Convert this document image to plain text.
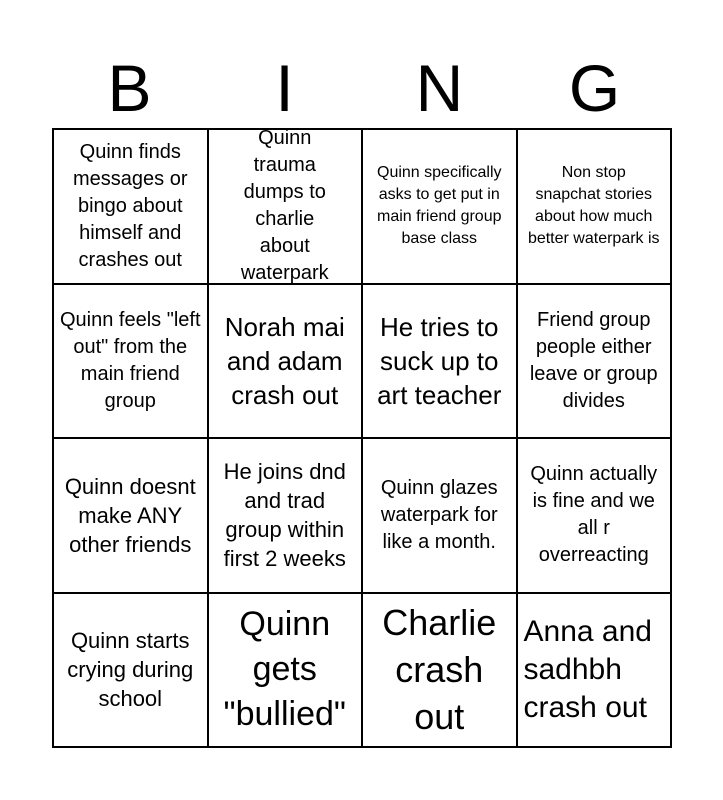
B	I	N	G
Quinn finds messages or bingo about himself and crashes out
Quinn trauma dumps to charlie about waterpark
Quinn specifically asks to get put in main friend group base class
Non stop snapchat stories about how much better waterpark is
Quinn feels "left out" from the main friend group
Norah mai and adam crash out
He tries to suck up to art teacher
Friend group people either leave or group divides
Quinn doesnt make ANY other friends
He joins dnd and trad group within first 2 weeks
Quinn glazes waterpark for like a month.
Quinn actually is fine and we all r overreacting
Quinn starts crying during school
Quinn gets "bullied"
Charlie crash out
Anna and sadhbh crash out
